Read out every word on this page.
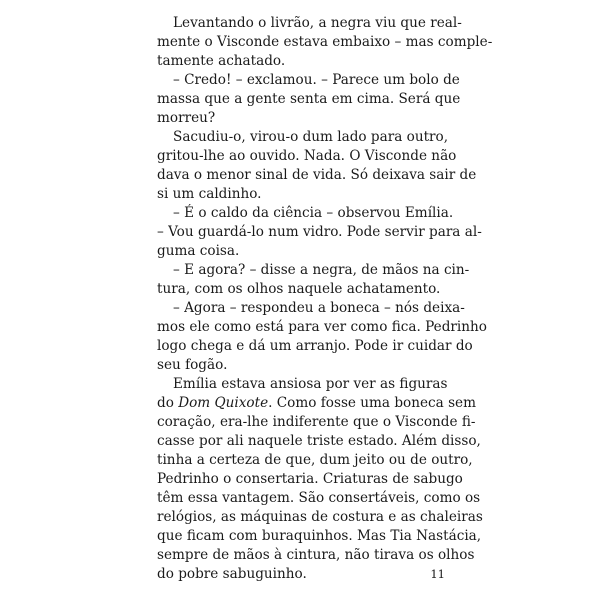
Levantando o livrão, a negra viu que real-
mente o Visconde estava embaixo – mas comple-
tamente achatado.
– Credo! – exclamou. – Parece um bolo de
massa que a gente senta em cima. Será que
morreu?
Sacudiu-o, virou-o dum lado para outro,
gritou-lhe ao ouvido. Nada. O Visconde não
dava o menor sinal de vida. Só deixava sair de
si um caldinho.
– É o caldo da ciência – observou Emília.
– Vou guardá-lo num vidro. Pode servir para al-
guma coisa.
– E agora? – disse a negra, de mãos na cin-
tura, com os olhos naquele achatamento.
– Agora – respondeu a boneca – nós deixa-
mos ele como está para ver como fica. Pedrinho
logo chega e dá um arranjo. Pode ir cuidar do
seu fogão.
Emília estava ansiosa por ver as figuras
do Dom Quixote. Como fosse uma boneca sem
coração, era-lhe indiferente que o Visconde fi-
casse por ali naquele triste estado. Além disso,
tinha a certeza de que, dum jeito ou de outro,
Pedrinho o consertaria. Criaturas de sabugo
têm essa vantagem. São consertáveis, como os
relógios, as máquinas de costura e as chaleiras
que ficam com buraquinhos. Mas Tia Nastácia,
sempre de mãos à cintura, não tirava os olhos
do pobre sabuguinho.	11
